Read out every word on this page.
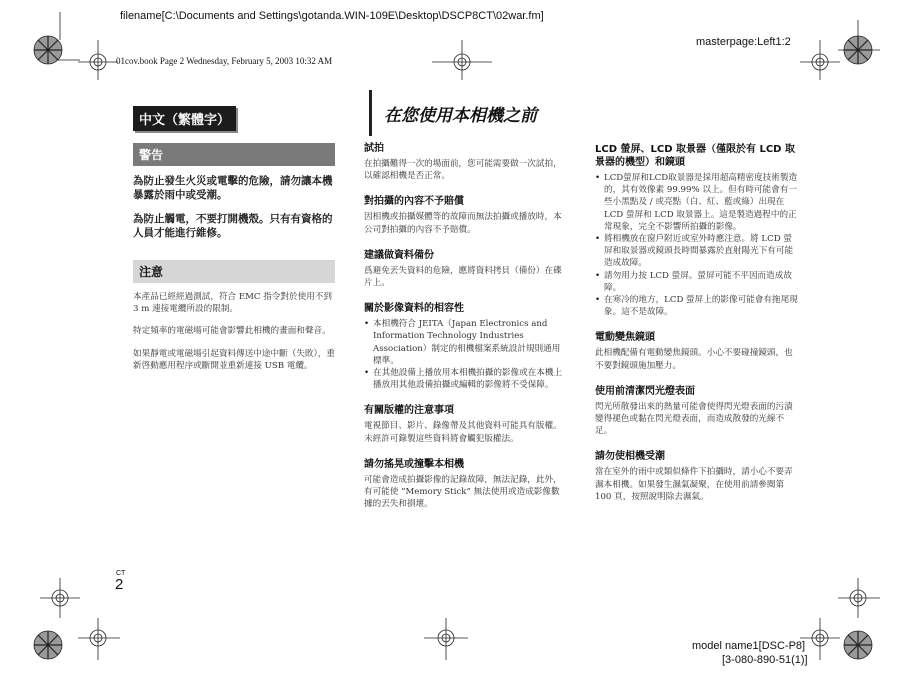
filename[C:\Documents and Settings\gotanda.WIN-109E\Desktop\DSCP8CT\02war.fm]
masterpage:Left1:2
01cov.book Page 2 Wednesday, February 5, 2003 10:32 AM
中文（繁體字）
警告

為防止發生火災或電擊的危險，請勿讓本機暴露於雨中或受潮。

為防止觸電，不要打開機殼。只有有資格的人員才能進行維修。

注意

本產品已經經過測試，符合 EMC 指令對於使用不到 3 m 連接電纜所設的限制。

特定頻率的電磁場可能會影響此相機的畫面和聲音。

如果靜電或電磁場引起資料傳送中途中斷（失敗），重新啓動應用程序或斷開並重新連接 USB 電纜。

在您使用本相機之前

試拍

在拍攝難得一次的場面前，您可能需要做一次試拍，以確認相機是否正常。

對拍攝的內容不予賠償

因相機或拍攝媒體等的故障而無法拍攝或播放時，本公司對拍攝的內容不予賠償。

建議做資料備份

爲避免丟失資料的危險，應將資料拷貝（備份）在碟片上。

關於影像資料的相容性

• 本相機符合 JEITA（Japan Electronics and Information Technology Industries Association）制定的相機檔案系統設計規則通用標準。
• 在其他設備上播放用本相機拍攝的影像或在本機上播放用其他設備拍攝或編輯的影像將不受保障。

有關版權的注意事項

電視節目、影片、錄像帶及其他資料可能具有版權。未經許可錄製這些資料將會觸犯版權法。

請勿搖晃或撞擊本相機

可能會造成拍攝影像的記錄故障，無法記錄，此外，有可能使 “Memory Stick” 無法使用或造成影像數據的丟失和損壞。

LCD 螢屏、LCD 取景器（僅限於有 LCD 取景器的機型）和鏡頭

• LCD螢屏和LCD取景器是採用超高精密度技術製造的，其有效像素 99.99% 以上。但有時可能會有一些小黑點及 / 或亮點（白、紅、藍或綠）出現在 LCD 螢屏和 LCD 取景器上。這是製造過程中的正常現象，完全不影響所拍攝的影像。
• 將相機放在窗戶附近或室外時應注意。將 LCD 螢屏和取景器或鏡頭長時間暴露於直射陽光下有可能造成故障。
• 請勿用力按 LCD 螢屏。螢屏可能不平因而造成故障。
• 在寒冷的地方，LCD 螢屏上的影像可能會有拖尾現象。這不是故障。

電動變焦鏡頭

此相機配備有電動變焦鏡頭。小心不要碰撞鏡頭，也不要對鏡頭施加壓力。

使用前清潔閃光燈表面

閃光所散發出來的熱量可能會使得閃光燈表面的污漬變得褪色或黏在閃光燈表面，而造成散發的光線不足。

請勿使相機受潮

當在室外的雨中或類似條件下拍攝時，請小心不要弄濕本相機。如果發生濕氣凝聚，在使用前請參閱第 100 頁，按照說明除去濕氣。

CT
2
model name1[DSC-P8]
[3-080-890-51(1)]
